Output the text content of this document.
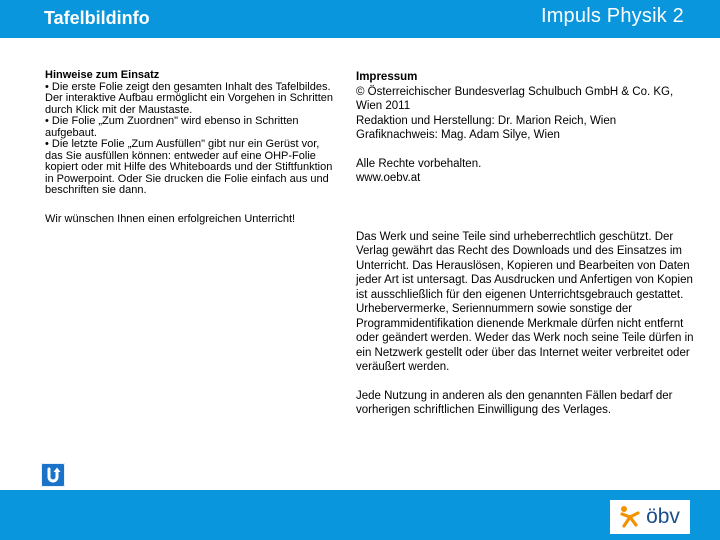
Tafelbildinfo	Impuls Physik 2
Hinweise zum Einsatz
• Die erste Folie zeigt den gesamten Inhalt des Tafelbildes. Der interaktive Aufbau ermöglicht ein Vorgehen in Schritten durch Klick mit der Maustaste.
• Die Folie „Zum Zuordnen" wird ebenso in Schritten aufgebaut.
• Die letzte Folie „Zum Ausfüllen" gibt nur ein Gerüst vor, das Sie ausfüllen können: entweder auf eine OHP-Folie kopiert oder mit Hilfe des Whiteboards und der Stiftfunktion in Powerpoint. Oder Sie drucken die Folie einfach aus und beschriften sie dann.
Wir wünschen Ihnen einen erfolgreichen Unterricht!

Impressum

© Österreichischer Bundesverlag Schulbuch GmbH & Co. KG, Wien 2011

Redaktion und Herstellung: Dr. Marion Reich, Wien

Grafiknachweis: Mag. Adam Silye, Wien

Alle Rechte vorbehalten.

www.oebv.at

Das Werk und seine Teile sind urheberrechtlich geschützt. Der Verlag gewährt das Recht des Downloads und des Einsatzes im Unterricht. Das Herauslösen, Kopieren und Bearbeiten von Daten jeder Art ist untersagt. Das Ausdrucken und Anfertigen von Kopien ist ausschließlich für den eigenen Unterrichtsgebrauch gestattet. Urhebervermerke, Seriennummern sowie sonstige der Programmidentifikation dienende Merkmale dürfen nicht entfernt oder geändert werden. Weder das Werk noch seine Teile dürfen in ein Netzwerk gestellt oder über das Internet weiter verbreitet oder veräußert werden.

Jede Nutzung in anderen als den genannten Fällen bedarf der vorherigen schriftlichen Einwilligung des Verlages.

öbv
